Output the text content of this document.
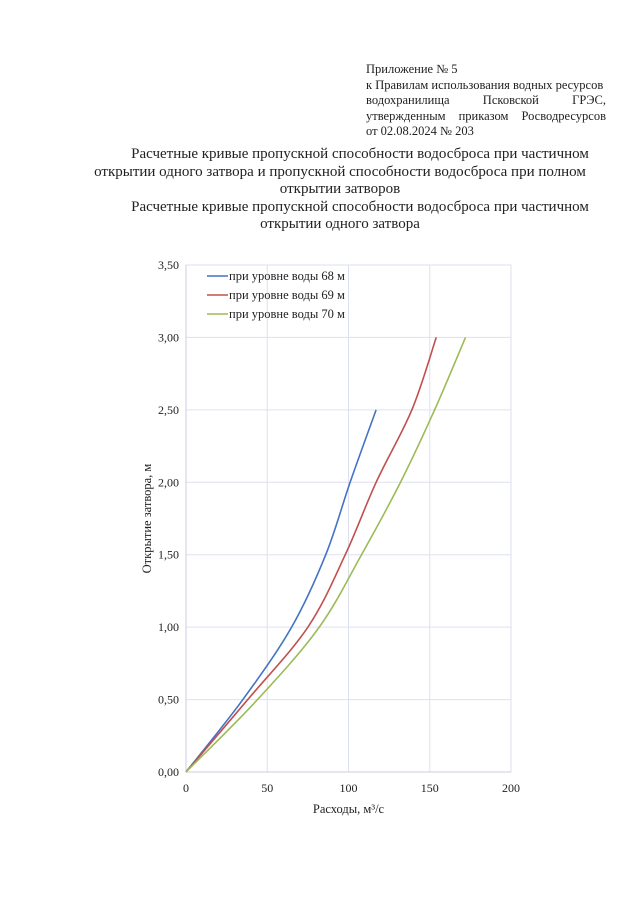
Приложение № 5
к Правилам использования водных ресурсов
водохранилища Псковской ГРЭС,
утвержденным приказом Росводресурсов
от 02.08.2024 № 203
Расчетные кривые пропускной способности водосброса при частичном открытии одного затвора и пропускной способности водосброса при полном открытии затворов
Расчетные кривые пропускной способности водосброса при частичном открытии одного затвора
0,00
0,50
1,00
1,50
2,00
2,50
3,00
3,50
0	50	100	150	200
Расходы, м³/с
Открытие затвора, м
при уровне воды 68 м
при уровне воды 69 м
при уровне воды 70 м
